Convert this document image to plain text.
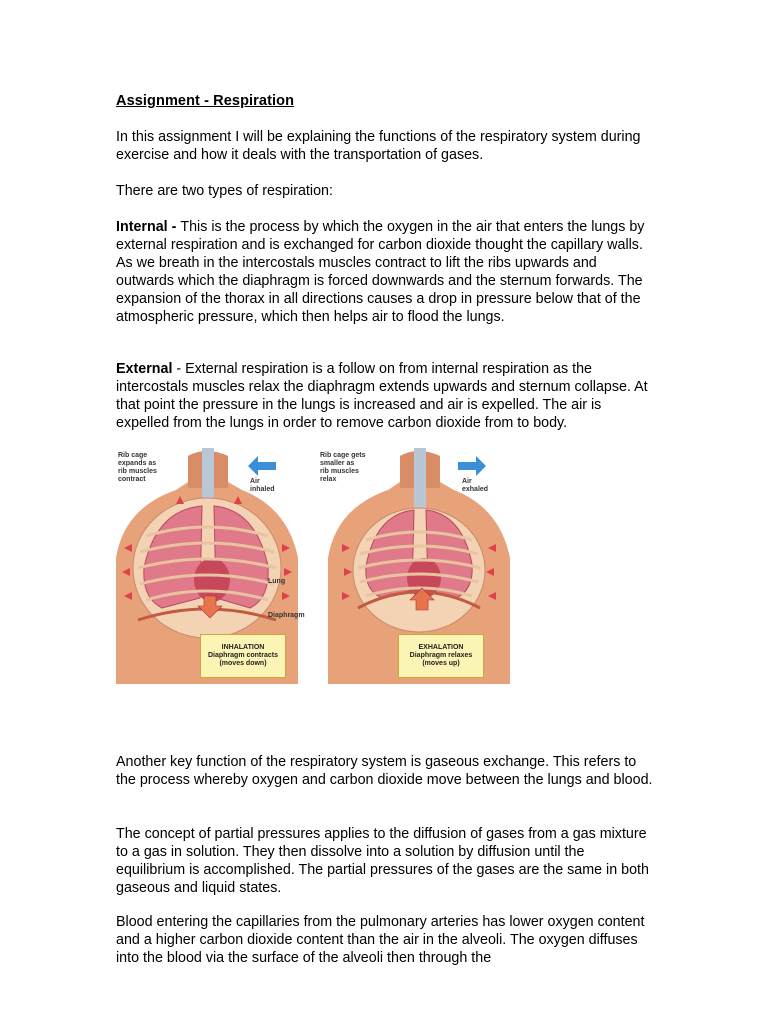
Assignment - Respiration

In this assignment I will be explaining the functions of the respiratory system during exercise and how it deals with the transportation of gases.

There are two types of respiration:

Internal - This is the process by which the oxygen in the air that enters the lungs by external respiration and is exchanged for carbon dioxide thought the capillary walls. As we breath in the intercostals muscles contract to lift the ribs upwards and outwards which the diaphragm is forced downwards and the sternum forwards. The expansion of the thorax in all directions causes a drop in pressure below that of the atmospheric pressure, which then helps air to flood the lungs.

External - External respiration is a follow on from internal respiration as the intercostals muscles relax the diaphragm extends upwards and sternum collapse. At that point the pressure in the lungs is increased and air is expelled. The air is expelled from the lungs in order to remove carbon dioxide from to body.

Rib cage
expands as
rib muscles
contract	Air
inhaled
INHALATION
Diaphragm contracts
(moves down)
Lung
Diaphragm
Rib cage gets
smaller as
rib muscles
relax	Air
exhaled
EXHALATION
Diaphragm relaxes
(moves up)

Another key function of the respiratory system is gaseous exchange. This refers to the process whereby oxygen and carbon dioxide move between the lungs and blood.

The concept of partial pressures applies to the diffusion of gases from a gas mixture to a gas in solution. They then dissolve into a solution by diffusion until the equilibrium is accomplished. The partial pressures of the gases are the same in both gaseous and liquid states.

Blood entering the capillaries from the pulmonary arteries has lower oxygen content and a higher carbon dioxide content than the air in the alveoli. The oxygen diffuses into the blood via the surface of the alveoli then through the
